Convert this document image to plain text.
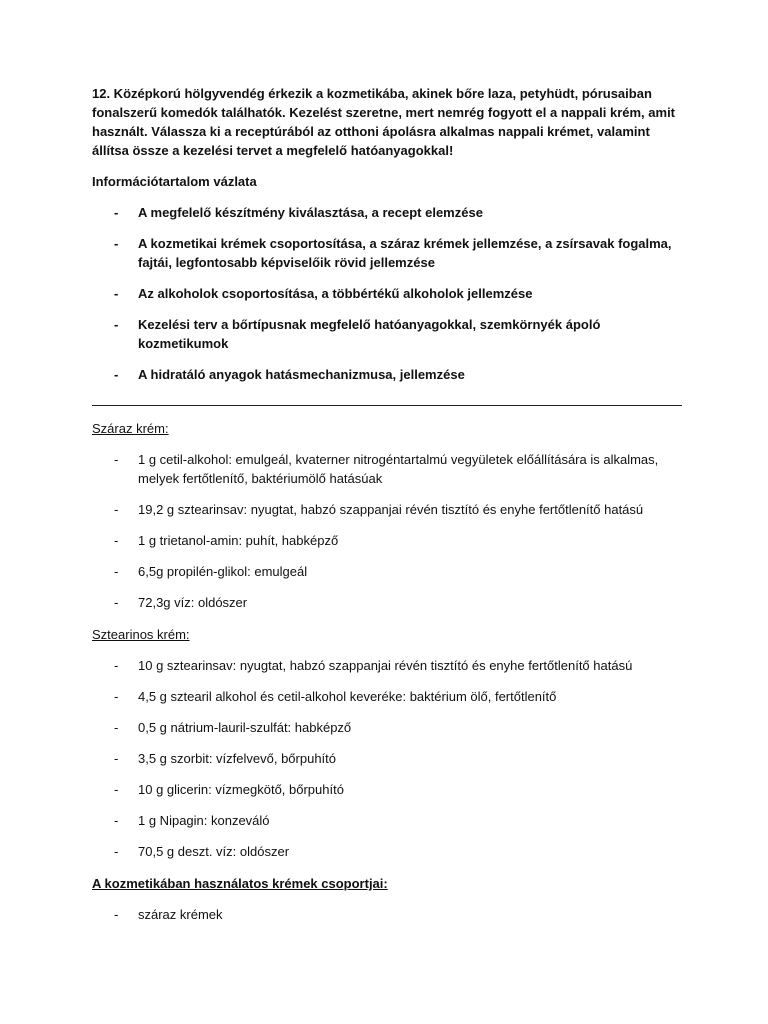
12. Középkorú hölgyvendég érkezik a kozmetikába, akinek bőre laza, petyhüdt, pórusaiban fonalszerű komedók találhatók. Kezelést szeretne, mert nemrég fogyott el a nappali krém, amit használt. Válassza ki a receptúrából az otthoni ápolásra alkalmas nappali krémet, valamint állítsa össze a kezelési tervet a megfelelő hatóanyagokkal!

Információtartalom vázlata

- A megfelelő készítmény kiválasztása, a recept elemzése
- A kozmetikai krémek csoportosítása, a száraz krémek jellemzése, a zsírsavak fogalma, fajtái, legfontosabb képviselőik rövid jellemzése
- Az alkoholok csoportosítása, a többértékű alkoholok jellemzése
- Kezelési terv a bőrtípusnak megfelelő hatóanyagokkal, szemkörnyék ápoló kozmetikumok
- A hidratáló anyagok hatásmechanizmusa, jellemzése

Száraz krém:

- 1 g cetil-alkohol: emulgeál, kvaterner nitrogéntartalmú vegyületek előállítására is alkalmas, melyek fertőtlenítő, baktériumölő hatásúak
- 19,2 g sztearinsav: nyugtat, habzó szappanjai révén tisztító és enyhe fertőtlenítő hatású
- 1 g trietanol-amin: puhít, habképző
- 6,5g propilén-glikol: emulgeál
- 72,3g víz: oldószer

Sztearinos krém:

- 10 g sztearinsav: nyugtat, habzó szappanjai révén tisztító és enyhe fertőtlenítő hatású
- 4,5 g sztearil alkohol és cetil-alkohol keveréke: baktérium ölő, fertőtlenítő
- 0,5 g nátrium-lauril-szulfát: habképző
- 3,5 g szorbit: vízfelvevő, bőrpuhító
- 10 g glicerin: vízmegkötő, bőrpuhító
- 1 g Nipagin: konzeváló
- 70,5 g deszt. víz: oldószer

A kozmetikában használatos krémek csoportjai:

- száraz krémek
